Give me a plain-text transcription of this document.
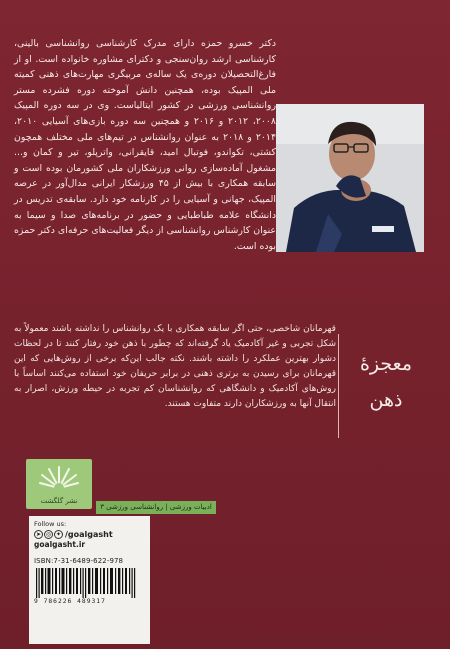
دکتر خسرو حمزه دارای مدرک کارشناسی روانشناسی بالینی، کارشناسی ارشد روان‌سنجی و دکترای مشاوره خانواده است. او از فارغ‌التحصیلان دوره‌ی یک ساله‌ی مربیگری مهارت‌های ذهنی کمیته ملی المپیک بوده، همچنین دانش آموخته دوره فشرده مستر روانشناسی ورزشی در کشور ایتالیاست. وی در سه دوره المپیک ۲۰۰۸، ۲۰۱۲ و ۲۰۱۶ و همچنین سه دوره بازی‌های آسیایی ۲۰۱۰، ۲۰۱۴ و ۲۰۱۸ به عنوان روانشناس در تیم‌های ملی مختلف همچون کشتی، تکواندو، فوتبال امید، قایقرانی، واترپلو، تیر و کمان و... مشغول آماده‌سازی روانی ورزشکاران ملی کشورمان بوده است و سابقه همکاری با بیش از ۴۵ ورزشکار ایرانی مدال‌آور در عرصه المپیک، جهانی و آسیایی را در کارنامه خود دارد. سابقه‌ی تدریس در دانشگاه علامه طباطبایی و حضور در برنامه‌های صدا و سیما به عنوان کارشناس روانشناسی از دیگر فعالیت‌های حرفه‌ای دکتر حمزه بوده است.

معجزهٔ
ذهن

قهرمانان شاخصی، حتی اگر سابقه همکاری با یک روانشناس را نداشته باشند معمولاً به شکل تجربی و غیر آکادمیک یاد گرفته‌اند که چطور با ذهن خود رفتار کنند تا در لحظات دشوار بهترین عملکرد را داشته باشند. نکته جالب این‌که برخی از روش‌هایی که این قهرمانان برای رسیدن به برتری ذهنی در برابر حریفان خود استفاده می‌کنند اساساً با روش‌های آکادمیک و دانشگاهی که روانشناسان کم تجربه در حیطه ورزش، اصرار به انتقال آنها به ورزشکاران دارند متفاوت هستند.

نشر گلگشت
ادبیات ورزشی | روانشناسی ورزشی ۳
Follow us:
➤ ◎ ✦ /goalgasht
goalgasht.ir
ISBN:7-31-6489-622-978
9 786226 489317
